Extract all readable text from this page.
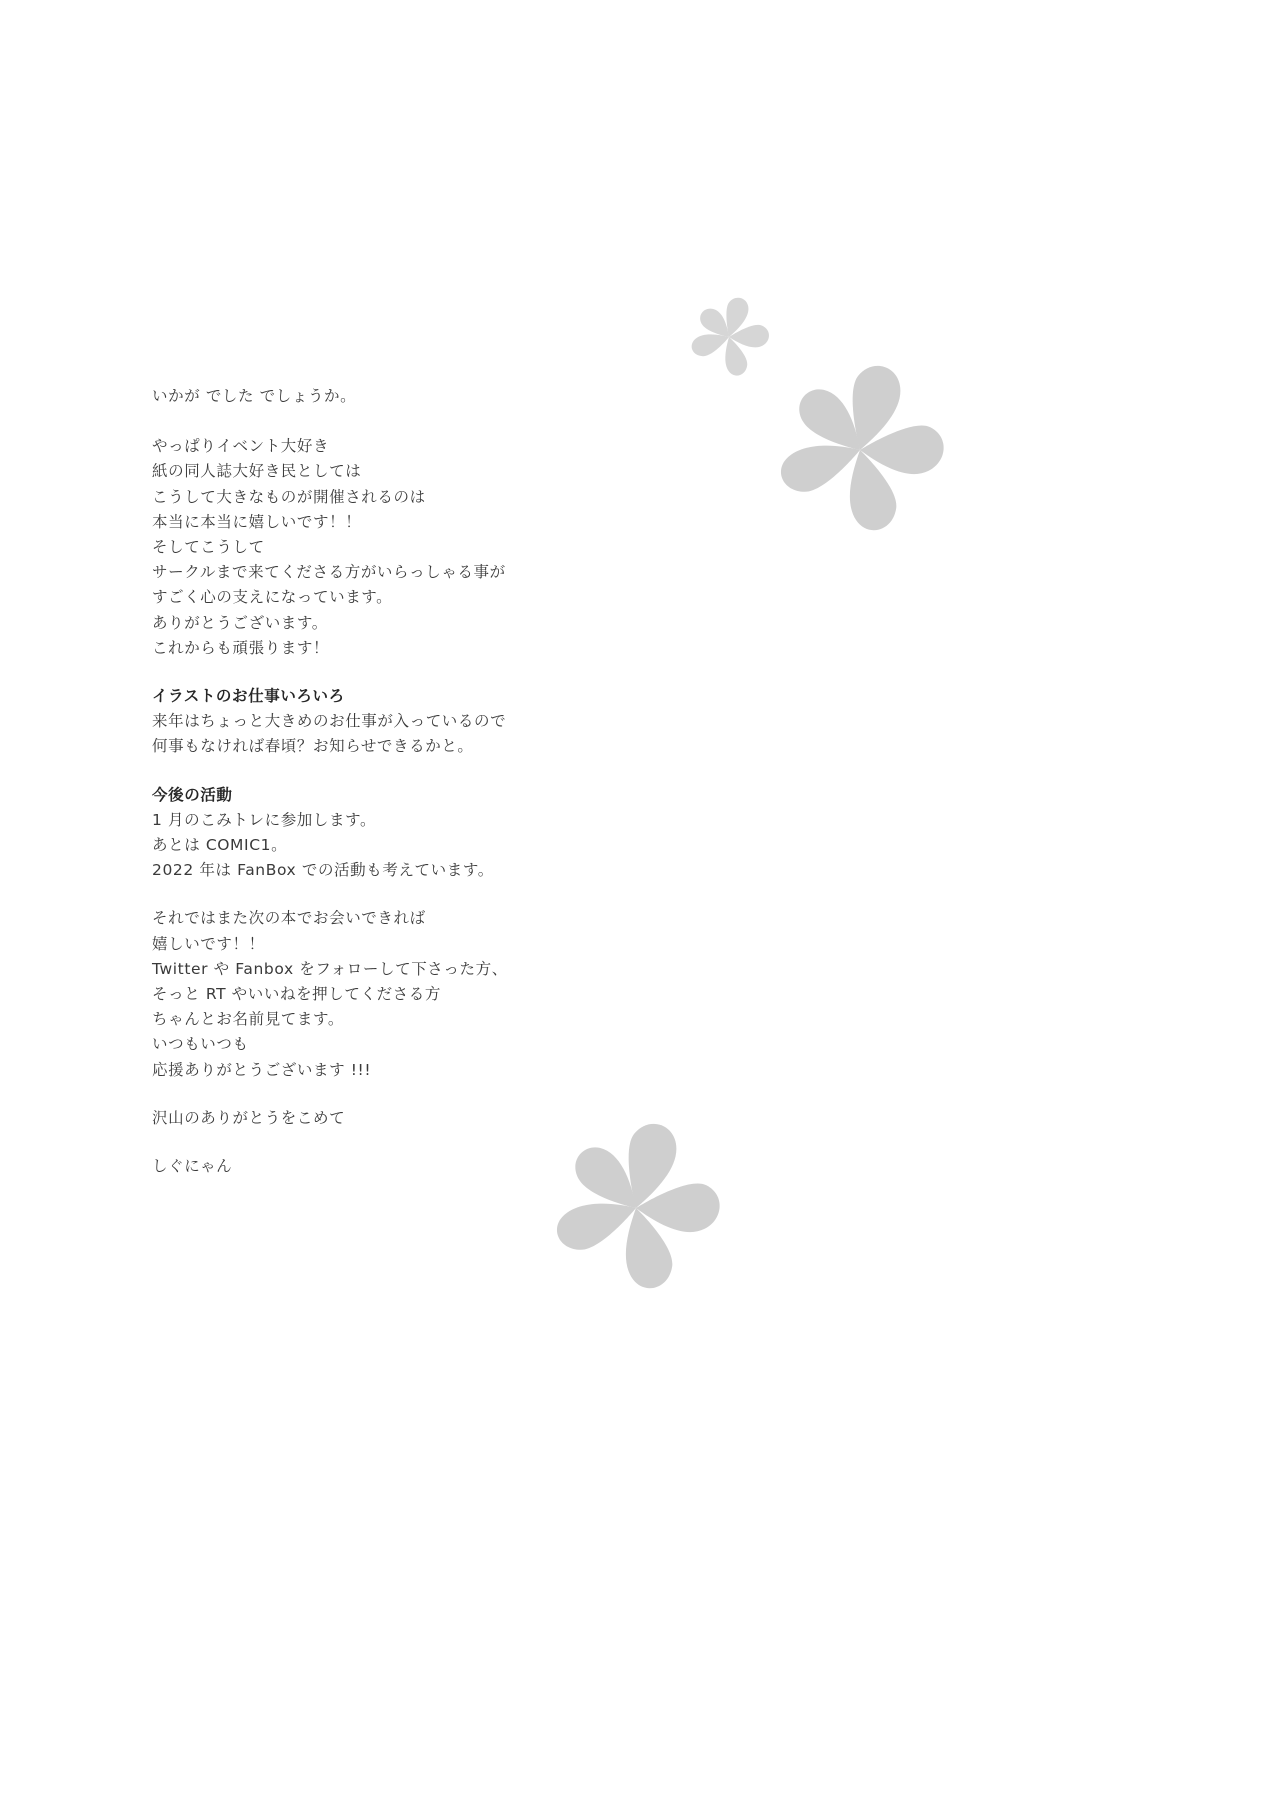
いかが でした でしょうか。

やっぱりイベント大好き

紙の同人誌大好き民としては

こうして大きなものが開催されるのは

本当に本当に嬉しいです！！

そしてこうして

サークルまで来てくださる方がいらっしゃる事が

すごく心の支えになっています。

ありがとうございます。

これからも頑張ります！

イラストのお仕事いろいろ

来年はちょっと大きめのお仕事が入っているので

何事もなければ春頃？お知らせできるかと。

今後の活動

1 月のこみトレに参加します。

あとは COMIC1。

2022 年は FanBox での活動も考えています。

それではまた次の本でお会いできれば

嬉しいです！！

Twitter や Fanbox をフォローして下さった方、

そっと RT やいいねを押してくださる方

ちゃんとお名前見てます。

いつもいつも

応援ありがとうございます !!!

沢山のありがとうをこめて

しぐにゃん
